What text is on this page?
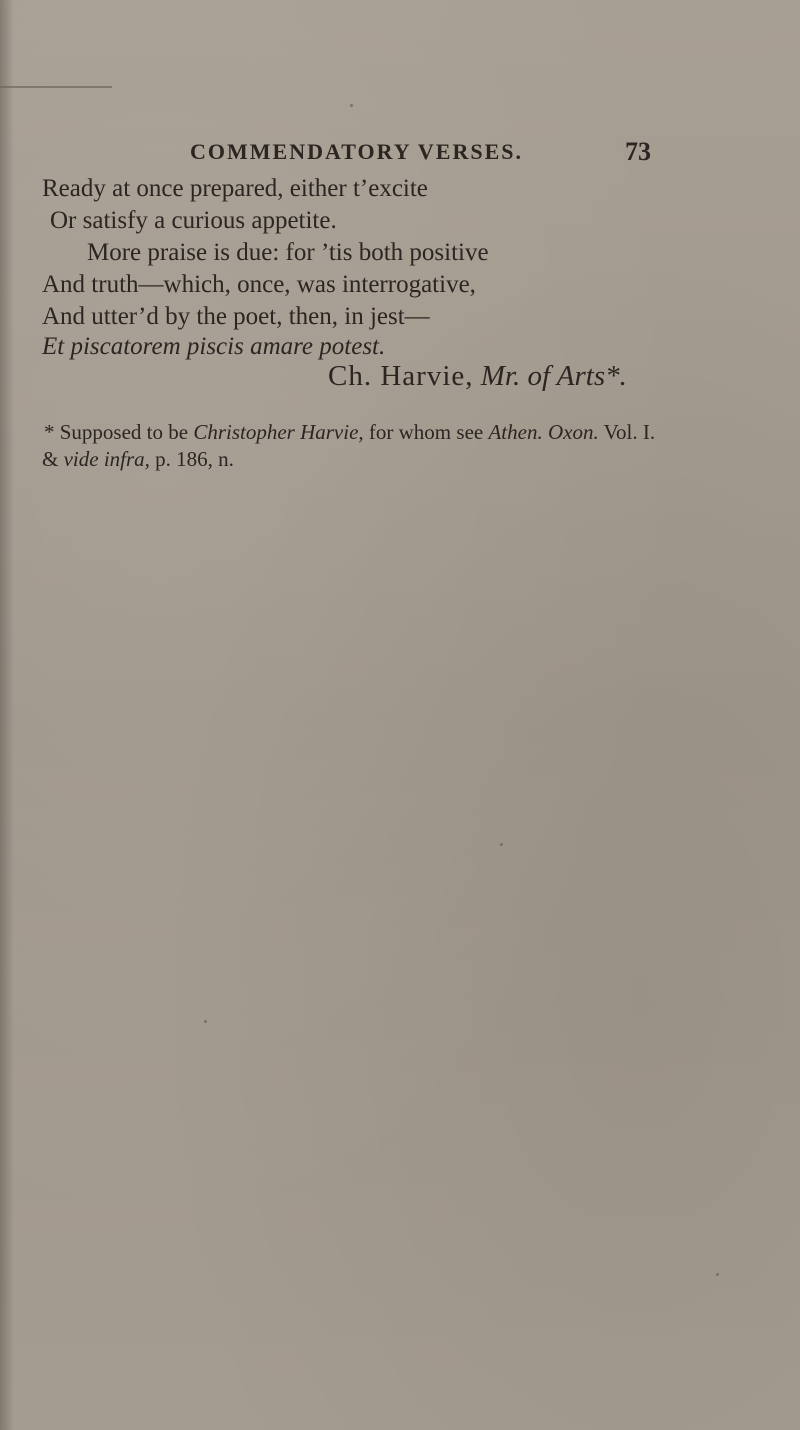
COMMENDATORY VERSES.	73
Ready at once prepared, either t’excite
Or satisfy a curious appetite.
More praise is due: for ’tis both positive
And truth—which, once, was interrogative,
And utter’d by the poet, then, in jest—
Et piscatorem piscis amare potest.
Ch. Harvie, Mr. of Arts*.
* Supposed to be Christopher Harvie, for whom see Athen. Oxon. Vol. I.
& vide infra, p. 186, n.
